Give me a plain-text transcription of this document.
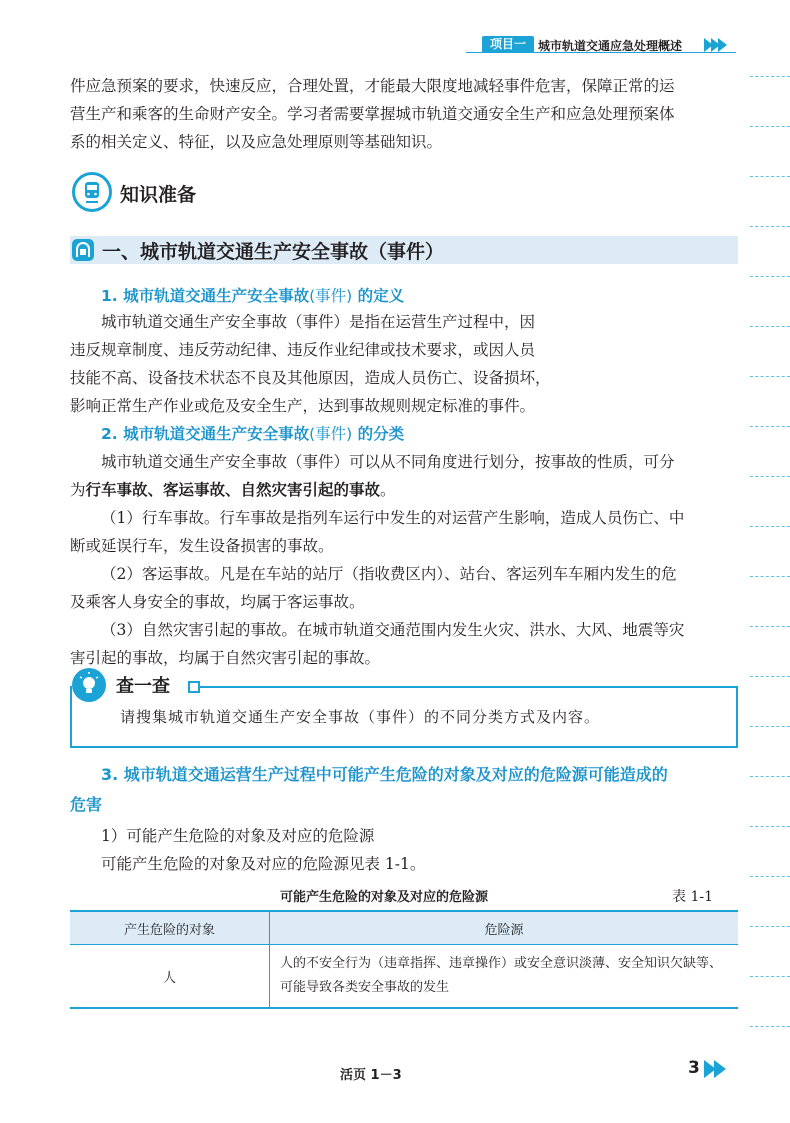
项目一 城市轨道交通应急处理概述
件应急预案的要求，快速反应，合理处置，才能最大限度地减轻事件危害，保障正常的运
营生产和乘客的生命财产安全。学习者需要掌握城市轨道交通安全生产和应急处理预案体
系的相关定义、特征，以及应急处理原则等基础知识。
知识准备
一、城市轨道交通生产安全事故（事件）
1. 城市轨道交通生产安全事故(事件) 的定义
城市轨道交通生产安全事故（事件）是指在运营生产过程中，因
违反规章制度、违反劳动纪律、违反作业纪律或技术要求，或因人员
技能不高、设备技术状态不良及其他原因，造成人员伤亡、设备损坏，
影响正常生产作业或危及安全生产，达到事故规则规定标准的事件。
2. 城市轨道交通生产安全事故(事件) 的分类
城市轨道交通生产安全事故（事件）可以从不同角度进行划分，按事故的性质，可分
为行车事故、客运事故、自然灾害引起的事故。
（1）行车事故。行车事故是指列车运行中发生的对运营产生影响，造成人员伤亡、中
断或延误行车，发生设备损害的事故。
（2）客运事故。凡是在车站的站厅（指收费区内）、站台、客运列车车厢内发生的危
及乘客人身安全的事故，均属于客运事故。
（3）自然灾害引起的事故。在城市轨道交通范围内发生火灾、洪水、大风、地震等灾
害引起的事故，均属于自然灾害引起的事故。
查一查
请搜集城市轨道交通生产安全事故（事件）的不同分类方式及内容。
3. 城市轨道交通运营生产过程中可能产生危险的对象及对应的危险源可能造成的
危害
1）可能产生危险的对象及对应的危险源
可能产生危险的对象及对应的危险源见表 1-1。
可能产生危险的对象及对应的危险源	表 1-1
产生危险的对象	危险源
人	人的不安全行为（违章指挥、违章操作）或安全意识淡薄、安全知识欠缺等、
可能导致各类安全事故的发生
活页 1－3	3
